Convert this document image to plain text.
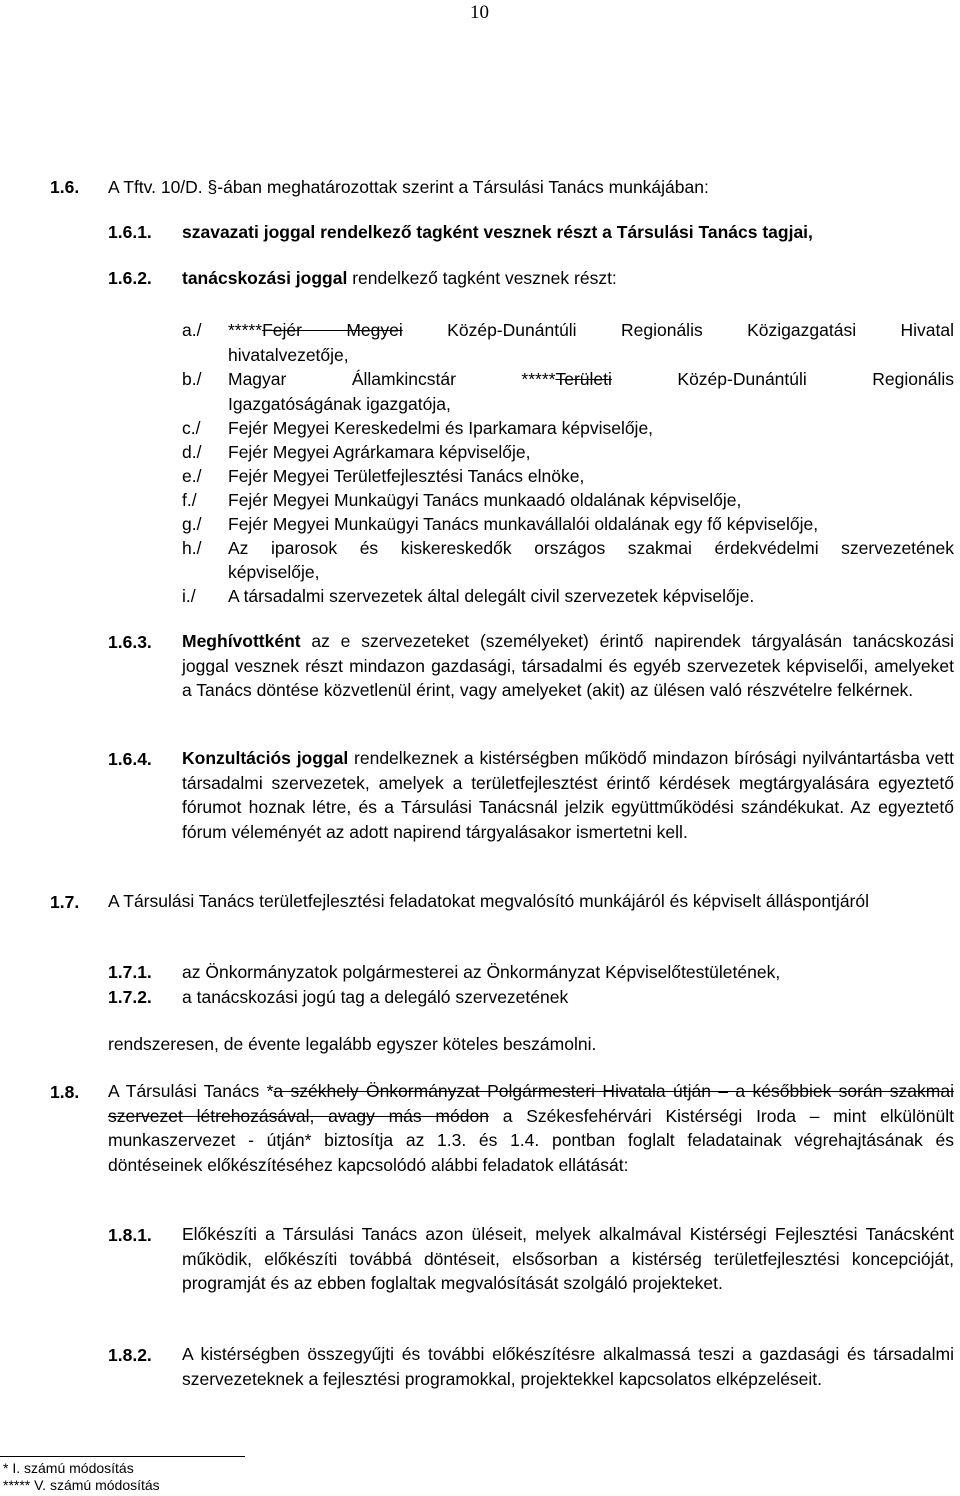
10
1.6. A Tftv. 10/D. §-ában meghatározottak szerint a Társulási Tanács munkájában:
1.6.1. szavazati joggal rendelkező tagként vesznek részt a Társulási Tanács tagjai,
1.6.2. tanácskozási joggal rendelkező tagként vesznek részt:
a./ *****Fejér Megyei Közép-Dunántúli Regionális Közigazgatási Hivatal
hivatalvezetője,
b./ Magyar Államkincstár *****Területi Közép-Dunántúli Regionális
Igazgatóságának igazgatója,
c./ Fejér Megyei Kereskedelmi és Iparkamara képviselője,
d./ Fejér Megyei Agrárkamara képviselője,
e./ Fejér Megyei Területfejlesztési Tanács elnöke,
f./ Fejér Megyei Munkaügyi Tanács munkaadó oldalának képviselője,
g./ Fejér Megyei Munkaügyi Tanács munkavállalói oldalának egy fő képviselője,
h./ Az iparosok és kiskereskedők országos szakmai érdekvédelmi szervezetének
képviselője,
i./ A társadalmi szervezetek által delegált civil szervezetek képviselője.
1.6.3. Meghívottként az e szervezeteket (személyeket) érintő napirendek tárgyalásán tanácskozási joggal vesznek részt mindazon gazdasági, társadalmi és egyéb szervezetek képviselői, amelyeket a Tanács döntése közvetlenül érint, vagy amelyeket (akit) az ülésen való részvételre felkérnek.
1.6.4. Konzultációs joggal rendelkeznek a kistérségben működő mindazon bírósági nyilvántartásba vett társadalmi szervezetek, amelyek a területfejlesztést érintő kérdések megtárgyalására egyeztető fórumot hoznak létre, és a Társulási Tanácsnál jelzik együttműködési szándékukat. Az egyeztető fórum véleményét az adott napirend tárgyalásakor ismertetni kell.
1.7. A Társulási Tanács területfejlesztési feladatokat megvalósító munkájáról és képviselt álláspontjáról
1.7.1. az Önkormányzatok polgármesterei az Önkormányzat Képviselőtestületének,
1.7.2. a tanácskozási jogú tag a delegáló szervezetének
rendszeresen, de évente legalább egyszer köteles beszámolni.
1.8. A Társulási Tanács *a székhely Önkormányzat Polgármesteri Hivatala útján – a későbbiek során szakmai szervezet létrehozásával, avagy más módon a Székesfehérvári Kistérségi Iroda – mint elkülönült munkaszervezet - útján* biztosítja az 1.3. és 1.4. pontban foglalt feladatainak végrehajtásának és döntéseinek előkészítéséhez kapcsolódó alábbi feladatok ellátását:
1.8.1. Előkészíti a Társulási Tanács azon üléseit, melyek alkalmával Kistérségi Fejlesztési Tanácsként működik, előkészíti továbbá döntéseit, elsősorban a kistérség területfejlesztési koncepcióját, programját és az ebben foglaltak megvalósítását szolgáló projekteket.
1.8.2. A kistérségben összegyűjti és további előkészítésre alkalmassá teszi a gazdasági és társadalmi szervezeteknek a fejlesztési programokkal, projektekkel kapcsolatos elképzeléseit.
* I. számú módosítás
***** V. számú módosítás
